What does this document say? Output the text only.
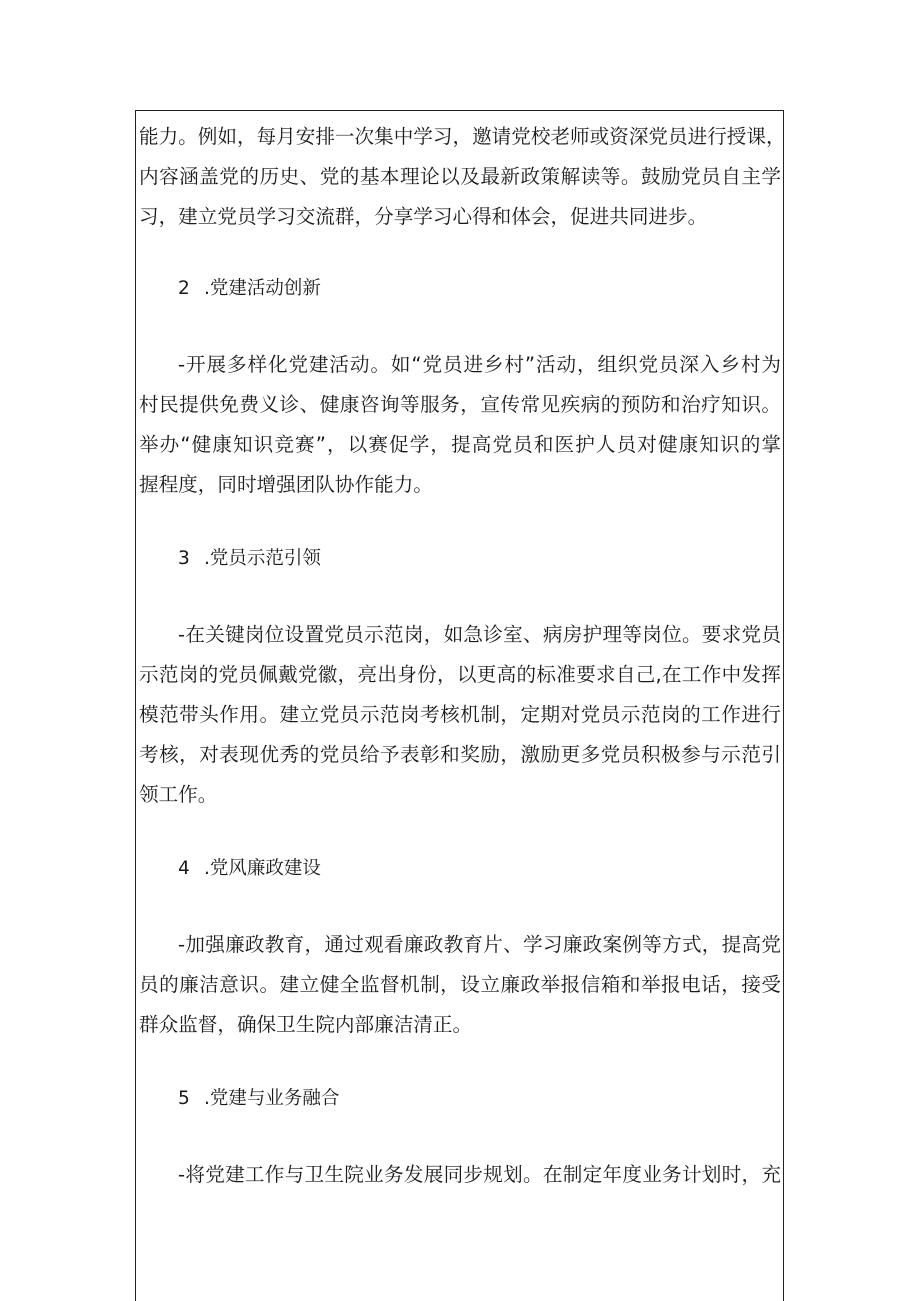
能力。例如，每月安排一次集中学习，邀请党校老师或资深党员进行授课，
内容涵盖党的历史、党的基本理论以及最新政策解读等。鼓励党员自主学
习，建立党员学习交流群，分享学习心得和体会，促进共同进步。
2 .党建活动创新
-开展多样化党建活动。如“党员进乡村”活动，组织党员深入乡村为
村民提供免费义诊、健康咨询等服务，宣传常见疾病的预防和治疗知识。
举办“健康知识竞赛”，以赛促学，提高党员和医护人员对健康知识的掌
握程度，同时增强团队协作能力。
3 .党员示范引领
-在关键岗位设置党员示范岗，如急诊室、病房护理等岗位。要求党员
示范岗的党员佩戴党徽，亮出身份，以更高的标准要求自己,在工作中发挥
模范带头作用。建立党员示范岗考核机制，定期对党员示范岗的工作进行
考核，对表现优秀的党员给予表彰和奖励，激励更多党员积极参与示范引
领工作。
4 .党风廉政建设
-加强廉政教育，通过观看廉政教育片、学习廉政案例等方式，提高党
员的廉洁意识。建立健全监督机制，设立廉政举报信箱和举报电话，接受
群众监督，确保卫生院内部廉洁清正。
5 .党建与业务融合
-将党建工作与卫生院业务发展同步规划。在制定年度业务计划时，充
